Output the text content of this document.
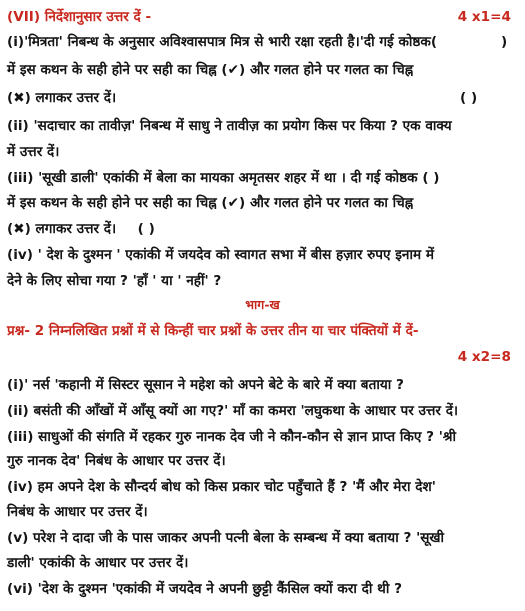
(VII) निर्देशानुसार उत्तर दें -	4 x1=4
(i)'मित्रता' निबन्ध के अनुसार अविश्वासपात्र मित्र से भारी रक्षा रहती है।'दी गई कोष्ठक(	)
में इस कथन के सही होने पर सही का चिह्न (✔) और गलत होने पर गलत का चिह्न
(✖) लगाकर उत्तर दें।	( )
(ii) 'सदाचार का तावीज़' निबन्ध में साधु ने तावीज़ का प्रयोग किस पर किया ? एक वाक्य
में उत्तर दें।
(iii) 'सूखी डाली' एकांकी में बेला का मायका अमृतसर शहर में था । दी गई कोष्ठक ( )
में इस कथन के सही होने पर सही का चिह्न (✔) और गलत होने पर गलत का चिह्न
(✖) लगाकर उत्तर दें। ( )
(iv) ' देश के दुश्मन ' एकांकी में जयदेव को स्वागत सभा में बीस हज़ार रुपए इनाम में
देने के लिए सोचा गया ? 'हाँ ' या ' नहीं' ?
भाग-ख
प्रश्न- 2 निम्नलिखित प्रश्नों में से किन्हीं चार प्रश्नों के उत्तर तीन या चार पंक्तियों में दें-
4 x2=8
(i)' नर्स 'कहानी में सिस्टर सूसान ने महेश को अपने बेटे के बारे में क्या बताया ?
(ii) बसंती की आँखों में आँसू क्यों आ गए?' माँ का कमरा 'लघुकथा के आधार पर उत्तर दें।
(iii) साधुओं की संगति में रहकर गुरु नानक देव जी ने कौन-कौन से ज्ञान प्राप्त किए ? 'श्री
गुरु नानक देव' निबंध के आधार पर उत्तर दें।
(iv) हम अपने देश के सौन्दर्य बोध को किस प्रकार चोट पहुँचाते हैं ? 'मैं और मेरा देश'
निबंध के आधार पर उत्तर दें।
(v) परेश ने दादा जी के पास जाकर अपनी पत्नी बेला के सम्बन्ध में क्या बताया ? 'सूखी
डाली' एकांकी के आधार पर उत्तर दें।
(vi) 'देश के दुश्मन 'एकांकी में जयदेव ने अपनी छुट्टी कैंसिल क्यों करा दी थी ?
